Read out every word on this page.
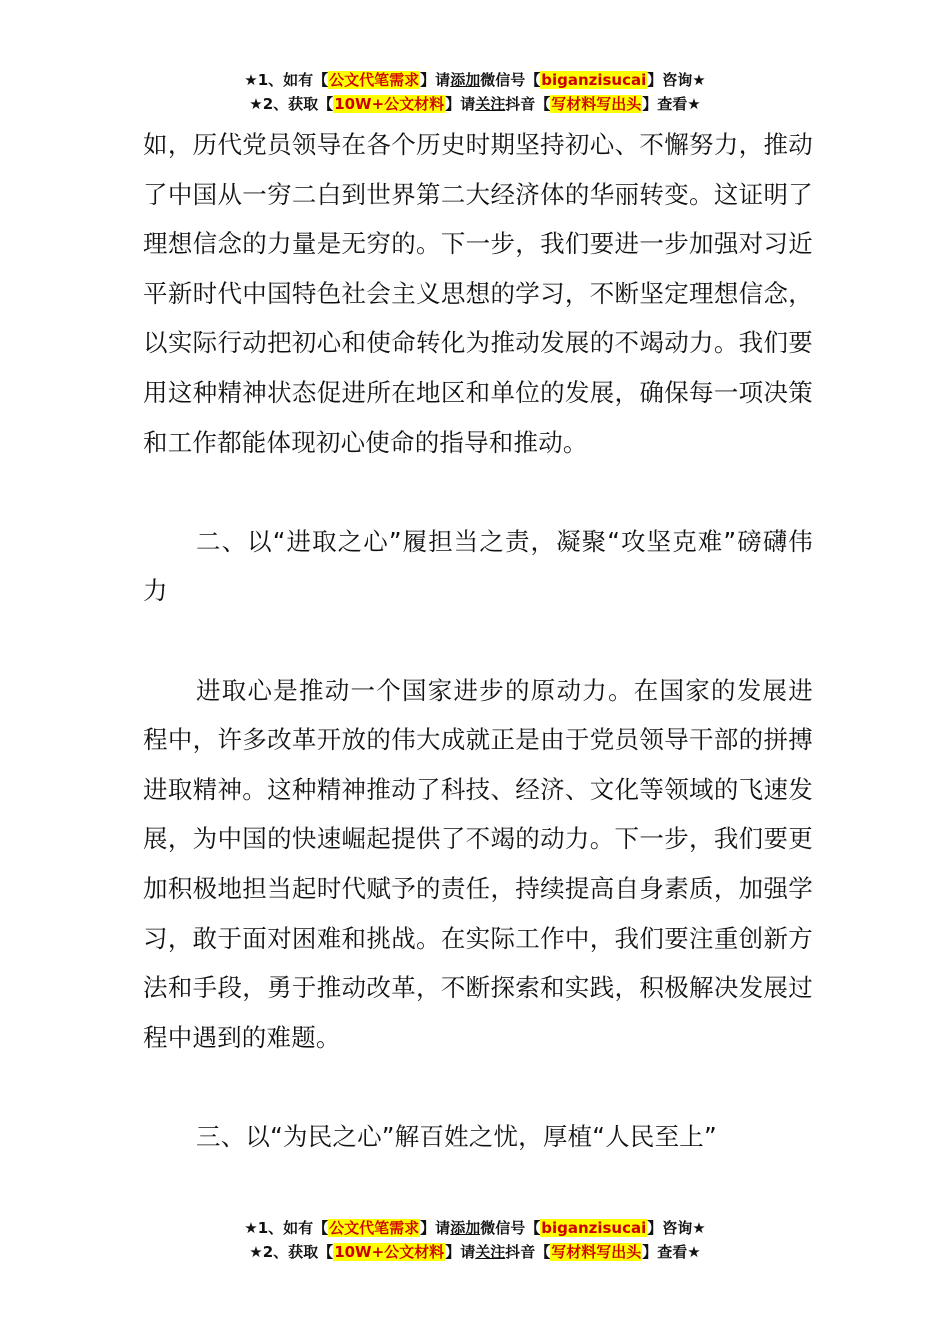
★1、如有【公文代笔需求】请添加微信号【biganzisucai】咨询★
★2、获取【10W+公文材料】请关注抖音【写材料写出头】查看★

如，历代党员领导在各个历史时期坚持初心、不懈努力，推动了中国从一穷二白到世界第二大经济体的华丽转变。这证明了理想信念的力量是无穷的。下一步，我们要进一步加强对习近平新时代中国特色社会主义思想的学习，不断坚定理想信念，以实际行动把初心和使命转化为推动发展的不竭动力。我们要用这种精神状态促进所在地区和单位的发展，确保每一项决策和工作都能体现初心使命的指导和推动。

二、以“进取之心”履担当之责，凝聚“攻坚克难”磅礴伟力

进取心是推动一个国家进步的原动力。在国家的发展进程中，许多改革开放的伟大成就正是由于党员领导干部的拼搏进取精神。这种精神推动了科技、经济、文化等领域的飞速发展，为中国的快速崛起提供了不竭的动力。下一步，我们要更加积极地担当起时代赋予的责任，持续提高自身素质，加强学习，敢于面对困难和挑战。在实际工作中，我们要注重创新方法和手段，勇于推动改革，不断探索和实践，积极解决发展过程中遇到的难题。

三、以“为民之心”解百姓之忧，厚植“人民至上”

★1、如有【公文代笔需求】请添加微信号【biganzisucai】咨询★
★2、获取【10W+公文材料】请关注抖音【写材料写出头】查看★
